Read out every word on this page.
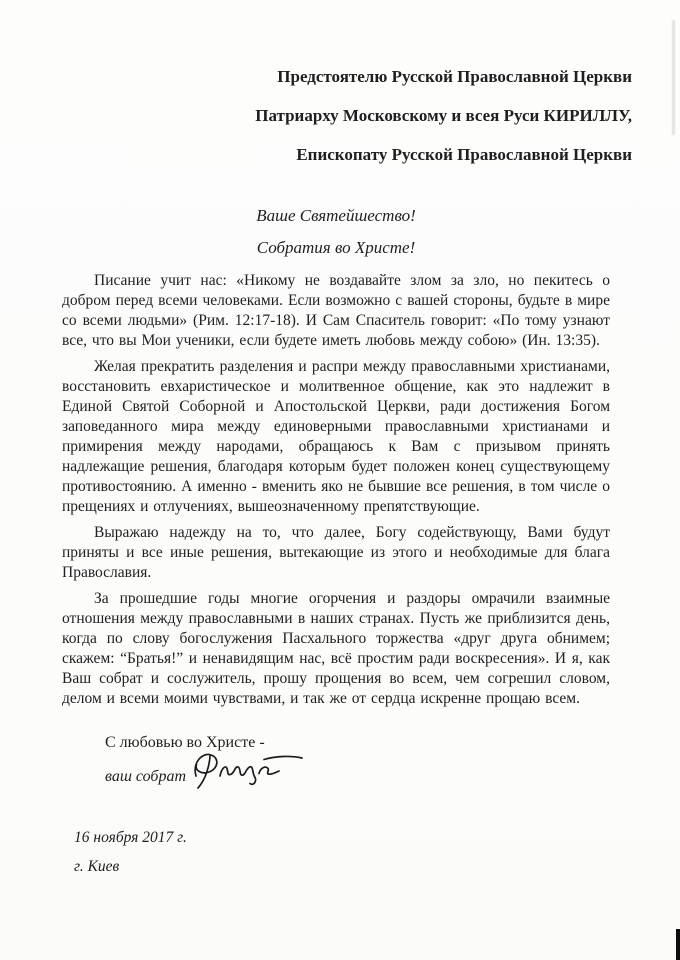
Предстоятелю Русской Православной Церкви
Патриарху Московскому и всея Руси КИРИЛЛУ,
Епископату Русской Православной Церкви
Ваше Святейшество!
Собратия во Христе!

Писание учит нас: «Никому не воздавайте злом за зло, но пекитесь о добром перед всеми человеками. Если возможно с вашей стороны, будьте в мире со всеми людьми» (Рим. 12:17-18). И Сам Спаситель говорит: «По тому узнают все, что вы Мои ученики, если будете иметь любовь между собою» (Ин. 13:35).

Желая прекратить разделения и распри между православными христианами, восстановить евхаристическое и молитвенное общение, как это надлежит в Единой Святой Соборной и Апостольской Церкви, ради достижения Богом заповеданного мира между единоверными православными христианами и примирения между народами, обращаюсь к Вам с призывом принять надлежащие решения, благодаря которым будет положен конец существующему противостоянию. А именно - вменить яко не бывшие все решения, в том числе о прещениях и отлучениях, вышеозначенному препятствующие.

Выражаю надежду на то, что далее, Богу содействующу, Вами будут приняты и все иные решения, вытекающие из этого и необходимые для блага Православия.

За прошедшие годы многие огорчения и раздоры омрачили взаимные отношения между православными в наших странах. Пусть же приблизится день, когда по слову богослужения Пасхального торжества «друг друга обнимем; скажем: “Братья!” и ненавидящим нас, всё простим ради воскресения». И я, как Ваш собрат и сослужитель, прошу прощения во всем, чем согрешил словом, делом и всеми моими чувствами, и так же от сердца искренне прощаю всем.

С любовью во Христе -
ваш собрат
16 ноября 2017 г.
г. Киев
